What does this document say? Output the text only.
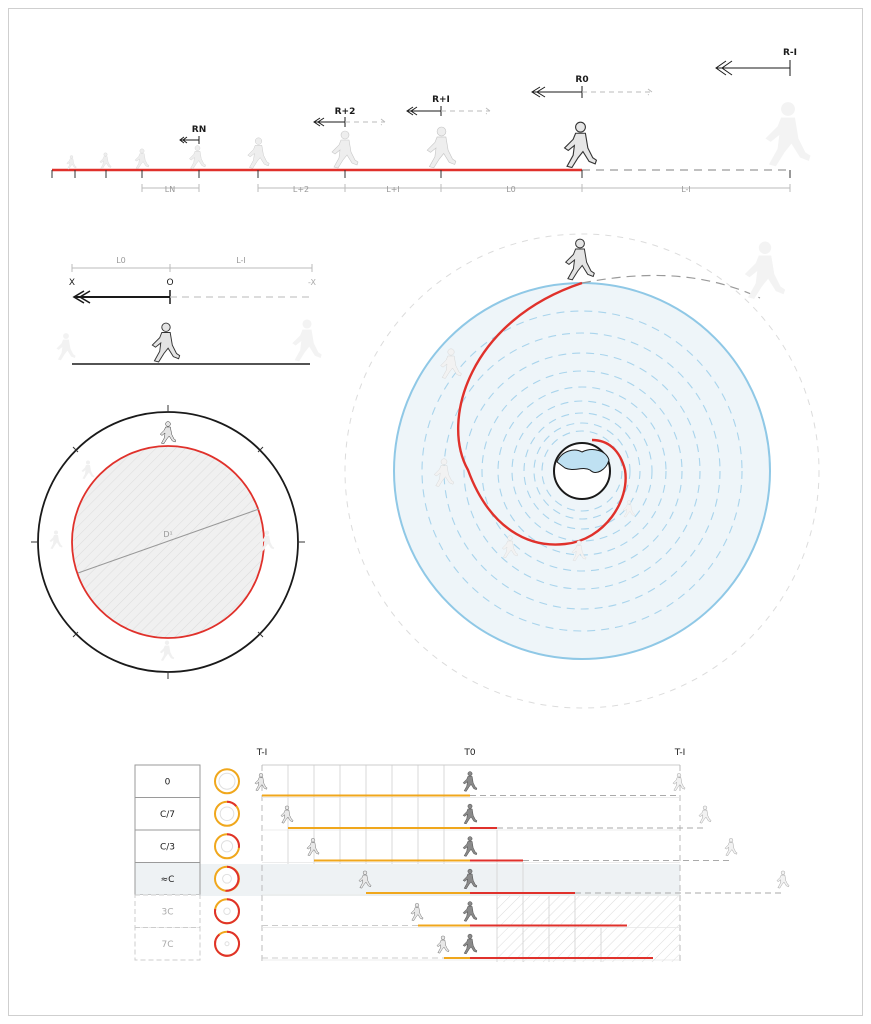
LN	L+2	L+I	L0	L-I
RN
R+2
R+I
R0
R-I
L0	L-I
X	O	-X
D¹
T-I	T0	T-I
0
C/7
C/3
≈C
3C
7C
